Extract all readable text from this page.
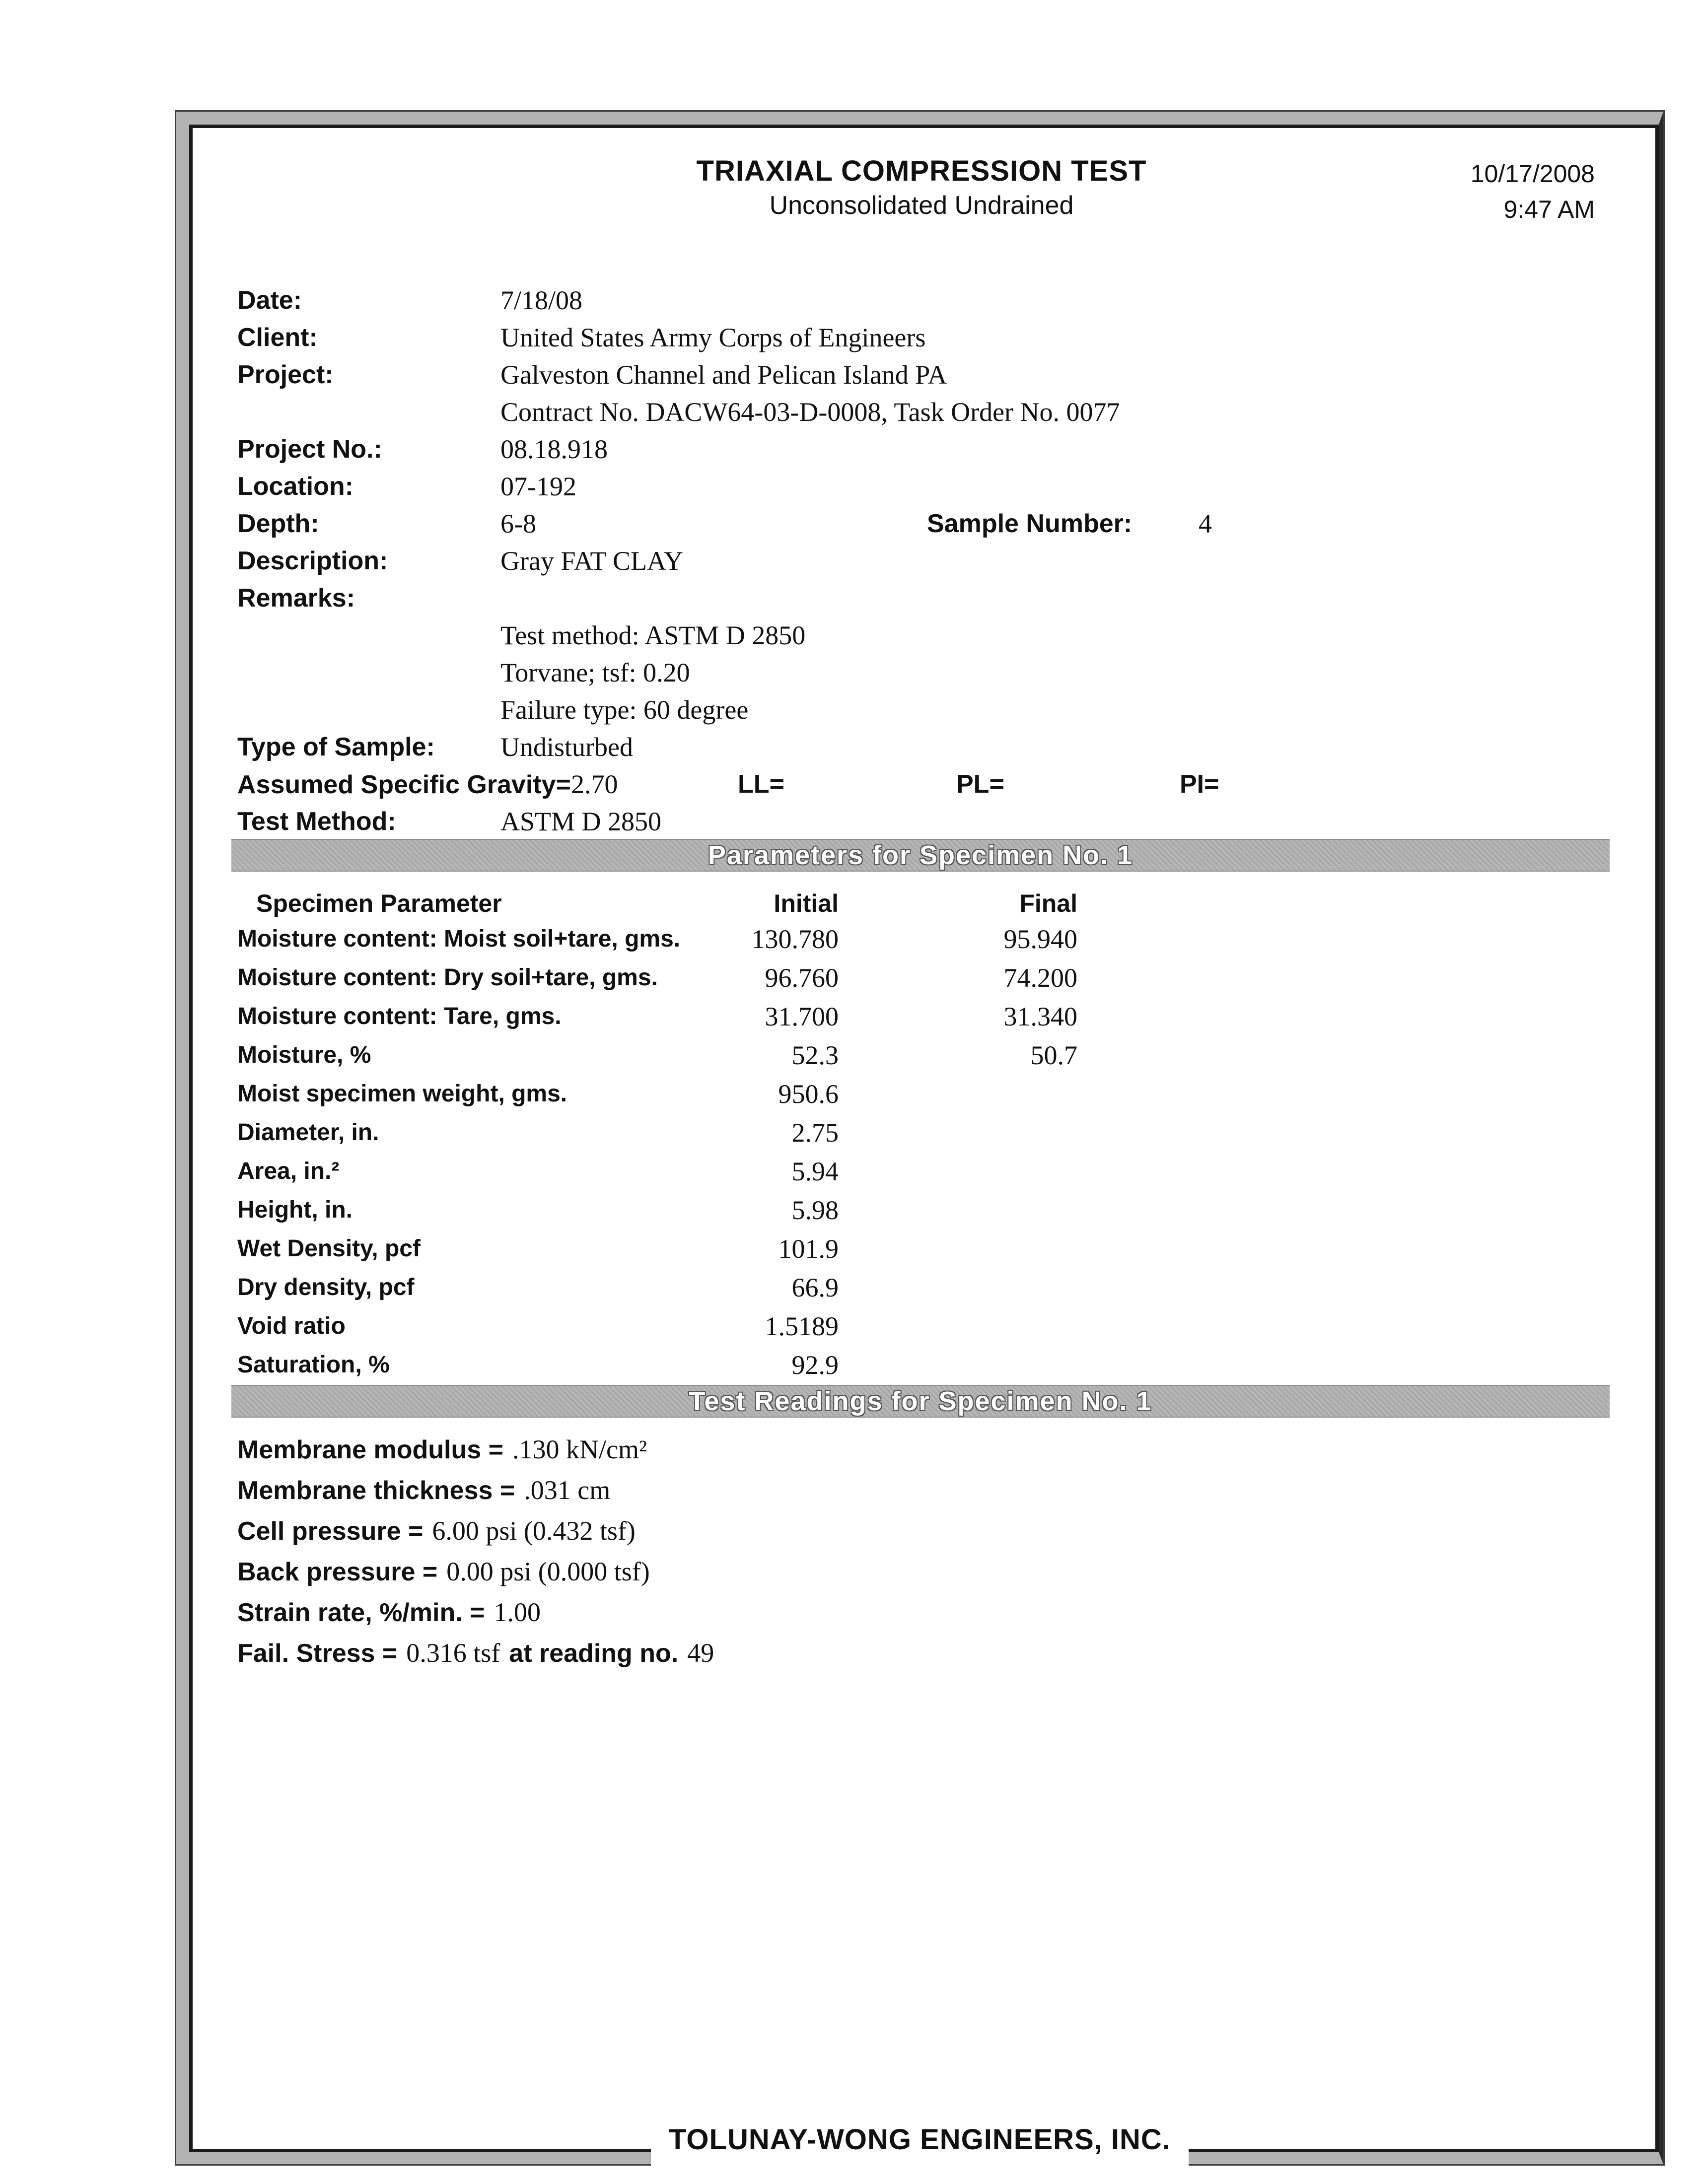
TRIAXIAL COMPRESSION TEST
Unconsolidated Undrained
10/17/2008
9:47 AM
Date:	7/18/08
Client:	United States Army Corps of Engineers
Project:	Galveston Channel and Pelican Island PA
Contract No. DACW64-03-D-0008, Task Order No. 0077
Project No.:	08.18.918
Location:	07-192
Depth:	6-8	Sample Number: 4
Description:	Gray FAT CLAY
Remarks:
Test method: ASTM D 2850
Torvane; tsf: 0.20
Failure type: 60 degree
Type of Sample: Undisturbed
Assumed Specific Gravity=2.70	LL=	PL=	PI=
Test Method:	ASTM D 2850
Parameters for Specimen No. 1
Specimen Parameter	Initial	Final
Moisture content: Moist soil+tare, gms.	130.780	95.940
Moisture content: Dry soil+tare, gms.	96.760	74.200
Moisture content: Tare, gms.	31.700	31.340
Moisture, %	52.3	50.7
Moist specimen weight, gms.	950.6
Diameter, in.	2.75
Area, in.²	5.94
Height, in.	5.98
Wet Density, pcf	101.9
Dry density, pcf	66.9
Void ratio	1.5189
Saturation, %	92.9
Test Readings for Specimen No. 1
Membrane modulus = .130 kN/cm²
Membrane thickness = .031 cm
Cell pressure = 6.00 psi (0.432 tsf)
Back pressure = 0.00 psi (0.000 tsf)
Strain rate, %/min. = 1.00
Fail. Stress = 0.316 tsf at reading no. 49
TOLUNAY-WONG ENGINEERS, INC.
